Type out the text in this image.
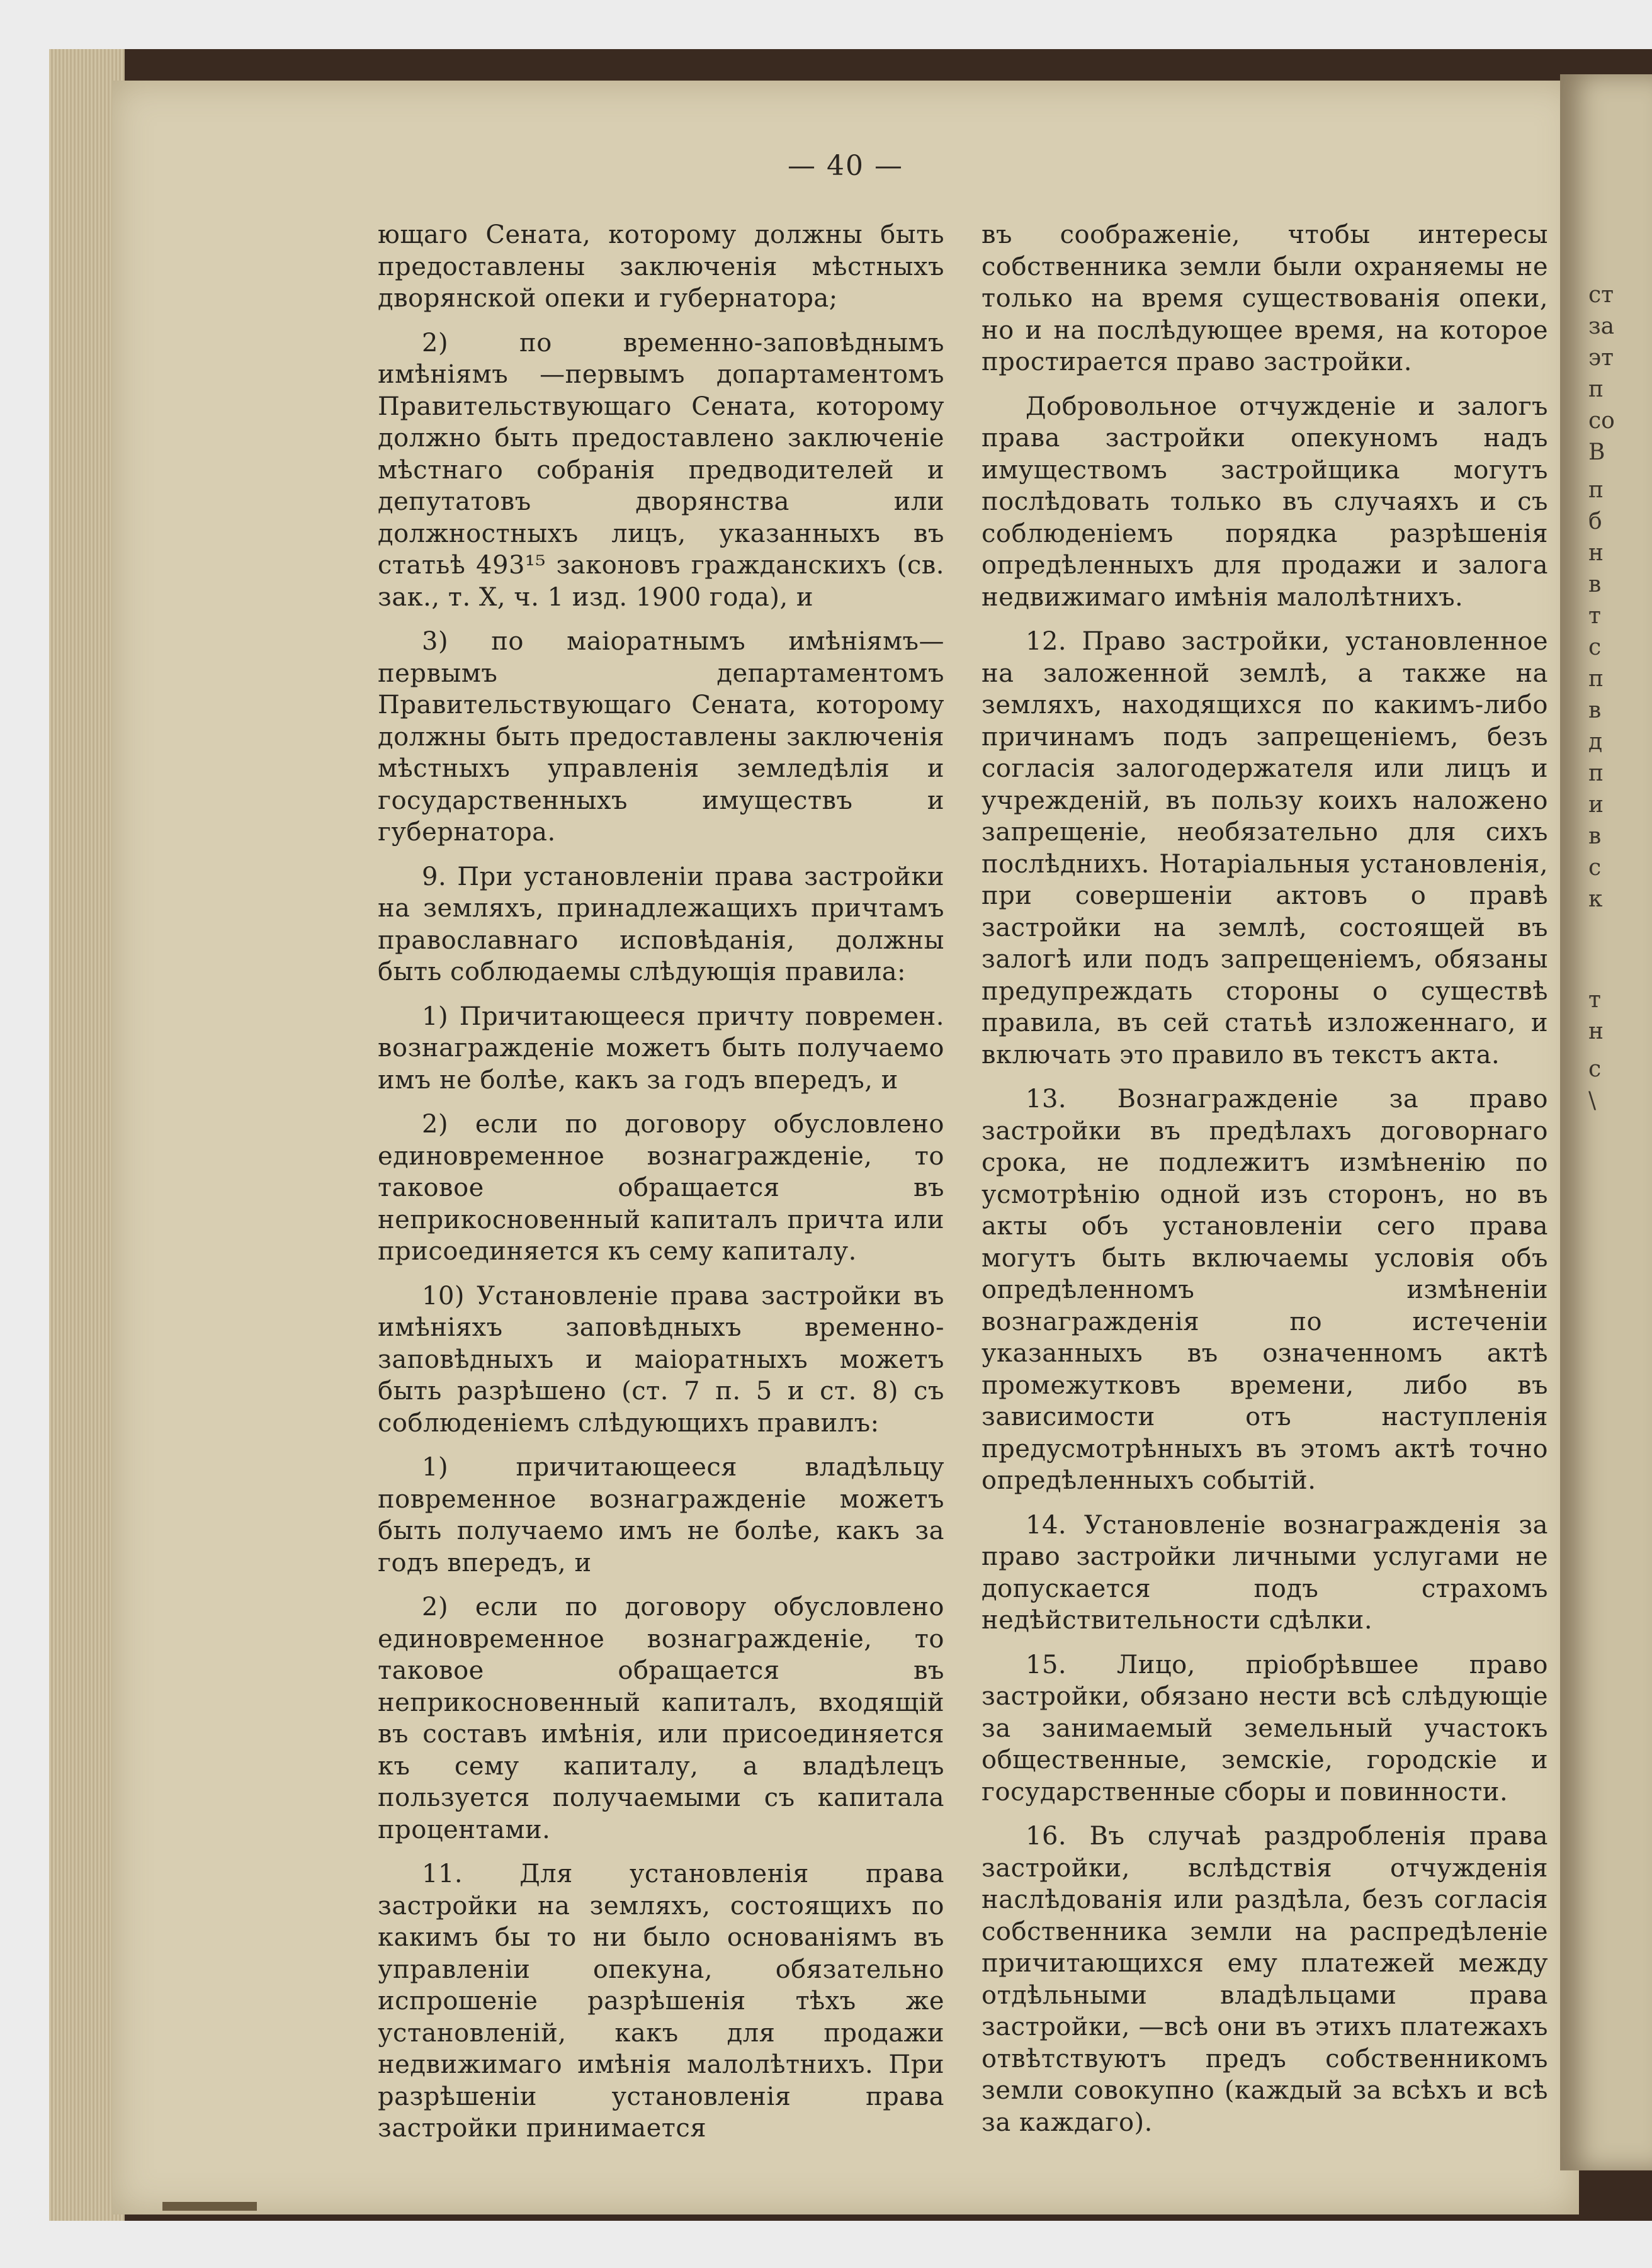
— 40 —

ющаго Сената, которому должны быть предоставлены заключенія мѣстныхъ дворянской опеки и губернатора;

2) по временно-заповѣднымъ имѣніямъ —первымъ допартаментомъ Правительствующаго Сената, которому должно быть предоставлено заключеніе мѣстнаго собранія предводителей и депутатовъ дворянства или должностныхъ лицъ, указанныхъ въ статьѣ 493¹⁵ законовъ гражданскихъ (св. зак., т. X, ч. 1 изд. 1900 года), и

3) по маіоратнымъ имѣніямъ—первымъ департаментомъ Правительствующаго Сената, которому должны быть предоставлены заключенія мѣстныхъ управленія земледѣлія и государственныхъ имуществъ и губернатора.

9. При установленіи права застройки на земляхъ, принадлежащихъ причтамъ православнаго исповѣданія, должны быть соблюдаемы слѣдующія правила:

1) Причитающееся причту повремен. вознагражденіе можетъ быть получаемо имъ не болѣе, какъ за годъ впередъ, и

2) если по договору обусловлено единовременное вознагражденіе, то таковое обращается въ неприкосновенный капиталъ причта или присоединяется къ сему капиталу.

10) Установленіе права застройки въ имѣніяхъ заповѣдныхъ временно-заповѣдныхъ и маіоратныхъ можетъ быть разрѣшено (ст. 7 п. 5 и ст. 8) съ соблюденіемъ слѣдующихъ правилъ:

1) причитающееся владѣльцу повременное вознагражденіе можетъ быть получаемо имъ не болѣе, какъ за годъ впередъ, и

2) если по договору обусловлено единовременное вознагражденіе, то таковое обращается въ неприкосновенный капиталъ, входящій въ составъ имѣнія, или присоединяется къ сему капиталу, а владѣлецъ пользуется получаемыми съ капитала процентами.

11. Для установленія права застройки на земляхъ, состоящихъ по какимъ бы то ни было основаніямъ въ управленіи опекуна, обязательно испрошеніе разрѣшенія тѣхъ же установленій, какъ для продажи недвижимаго имѣнія малолѣтнихъ. При разрѣшеніи установленія права застройки принимается

въ соображеніе, чтобы интересы собственника земли были охраняемы не только на время существованія опеки, но и на послѣдующее время, на которое простирается право застройки.

Добровольное отчужденіе и залогъ права застройки опекуномъ надъ имуществомъ застройщика могутъ послѣдовать только въ случаяхъ и съ соблюденіемъ порядка разрѣшенія опредѣленныхъ для продажи и залога недвижимаго имѣнія малолѣтнихъ.

12. Право застройки, установленное на заложенной землѣ, а также на земляхъ, находящихся по какимъ-либо причинамъ подъ запрещеніемъ, безъ согласія залогодержателя или лицъ и учрежденій, въ пользу коихъ наложено запрещеніе, необязательно для сихъ послѣднихъ. Нотаріальныя установленія, при совершеніи актовъ о правѣ застройки на землѣ, состоящей въ залогѣ или подъ запрещеніемъ, обязаны предупреждать стороны о существѣ правила, въ сей статьѣ изложеннаго, и включать это правило въ текстъ акта.

13. Вознагражденіе за право застройки въ предѣлахъ договорнаго срока, не подлежитъ измѣненію по усмотрѣнію одной изъ сторонъ, но въ акты объ установленіи сего права могутъ быть включаемы условія объ опредѣленномъ измѣненіи вознагражденія по истеченіи указанныхъ въ означенномъ актѣ промежутковъ времени, либо въ зависимости отъ наступленія предусмотрѣнныхъ въ этомъ актѣ точно опредѣленныхъ событій.

14. Установленіе вознагражденія за право застройки личными услугами не допускается подъ страхомъ недѣйствительности сдѣлки.

15. Лицо, пріобрѣвшее право застройки, обязано нести всѣ слѣдующіе за занимаемый земельный участокъ общественные, земскіе, городскіе и государственные сборы и повинности.

16. Въ случаѣ раздробленія права застройки, вслѣдствія отчужденія наслѣдованія или раздѣла, безъ согласія собственника земли на распредѣленіе причитающихся ему платежей между отдѣльными владѣльцами права застройки, —всѣ они въ этихъ платежахъ отвѣтствуютъ предъ собственникомъ земли совокупно (каждый за всѣхъ и всѣ за каждаго).

ст
за
эт
п
со
В
п
б
н
в
т
с
п
в
д
п
и
в
с
к
т
н
с
\
